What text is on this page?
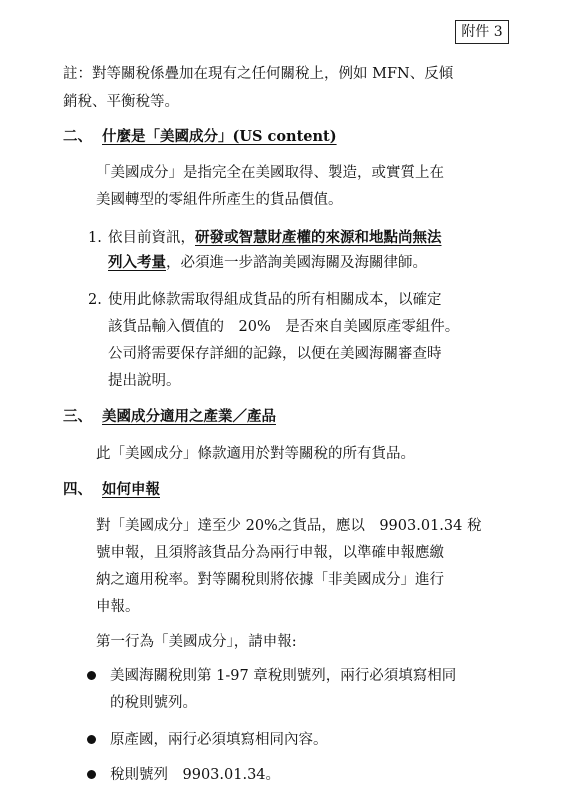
附件 3
註：對等關稅係疊加在現有之任何關稅上，例如 MFN、反傾
銷稅、平衡稅等。
二、 什麼是「美國成分」(US content)
「美國成分」是指完全在美國取得、製造，或實質上在
美國轉型的零組件所產生的貨品價值。
1. 依目前資訊，研發或智慧財產權的來源和地點尚無法
列入考量，必須進一步諮詢美國海關及海關律師。
2. 使用此條款需取得組成貨品的所有相關成本，以確定
該貨品輸入價值的　20%　是否來自美國原產零組件。
公司將需要保存詳細的記錄，以便在美國海關審查時
提出說明。
三、 美國成分適用之產業／產品
此「美國成分」條款適用於對等關稅的所有貨品。
四、 如何申報
對「美國成分」達至少 20%之貨品，應以　9903.01.34 稅
號申報，且須將該貨品分為兩行申報，以準確申報應繳
納之適用稅率。對等關稅則將依據「非美國成分」進行
申報。
第一行為「美國成分」，請申報:
美國海關稅則第 1-97 章稅則號列，兩行必須填寫相同
的稅則號列。
原產國，兩行必須填寫相同內容。
稅則號列　9903.01.34。
